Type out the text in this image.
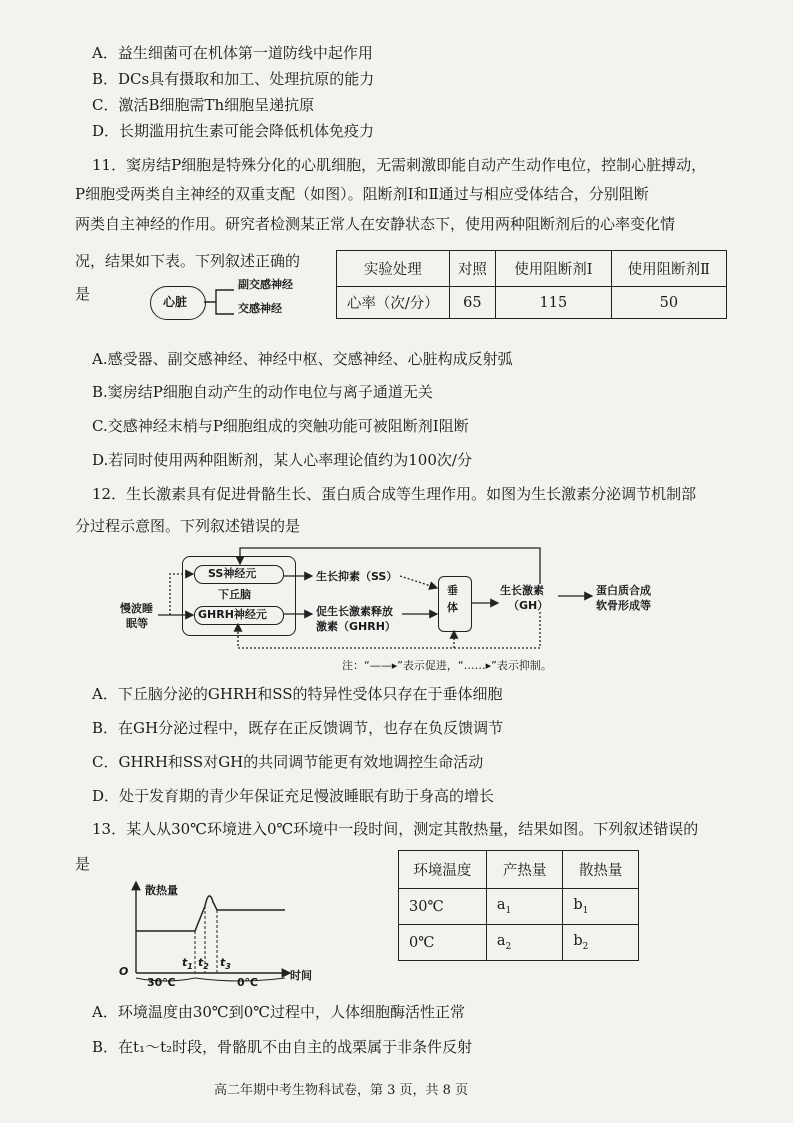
A．益生细菌可在机体第一道防线中起作用
B．DCs具有摄取和加工、处理抗原的能力
C．激活B细胞需Th细胞呈递抗原
D．长期滥用抗生素可能会降低机体免疫力
11．窦房结P细胞是特殊分化的心肌细胞，无需刺激即能自动产生动作电位，控制心脏搏动，
P细胞受两类自主神经的双重支配（如图）。阻断剂Ⅰ和Ⅱ通过与相应受体结合，分别阻断
两类自主神经的作用。研究者检测某正常人在安静状态下，使用两种阻断剂后的心率变化情
况，结果如下表。下列叙述正确的
是	心脏
副交感神经
交感神经
实验处理	对照	使用阻断剂Ⅰ	使用阻断剂Ⅱ
心率（次/分）	65	115	50
A.感受器、副交感神经、神经中枢、交感神经、心脏构成反射弧
B.窦房结P细胞自动产生的动作电位与离子通道无关
C.交感神经末梢与P细胞组成的突触功能可被阻断剂Ⅰ阻断
D.若同时使用两种阻断剂，某人心率理论值约为100次/分
12．生长激素具有促进骨骼生长、蛋白质合成等生理作用。如图为生长激素分泌调节机制部
分过程示意图。下列叙述错误的是
SS神经元
下丘脑
GHRH神经元
慢波睡
眠等
生长抑素（SS）
促生长激素释放
激素（GHRH）
垂
体
生长激素
（GH）
蛋白质合成
软骨形成等
注：“——▸”表示促进，“……▸”表示抑制。
A．下丘脑分泌的GHRH和SS的特异性受体只存在于垂体细胞
B．在GH分泌过程中，既存在正反馈调节，也存在负反馈调节
C．GHRH和SS对GH的共同调节能更有效地调控生命活动
D．处于发育期的青少年保证充足慢波睡眠有助于身高的增长
13．某人从30℃环境进入0℃环境中一段时间，测定其散热量，结果如图。下列叙述错误的
是
散热量
O
$t_1$ $t_2$ $t_3$
30℃	0℃
时间
环境温度	产热量	散热量
30℃	$a_1$	$b_1$
0℃	$a_2$	$b_2$
A．环境温度由30℃到0℃过程中，人体细胞酶活性正常
B．在t₁～t₂时段，骨骼肌不由自主的战栗属于非条件反射
高二年期中考生物科试卷，第 3 页，共 8 页
